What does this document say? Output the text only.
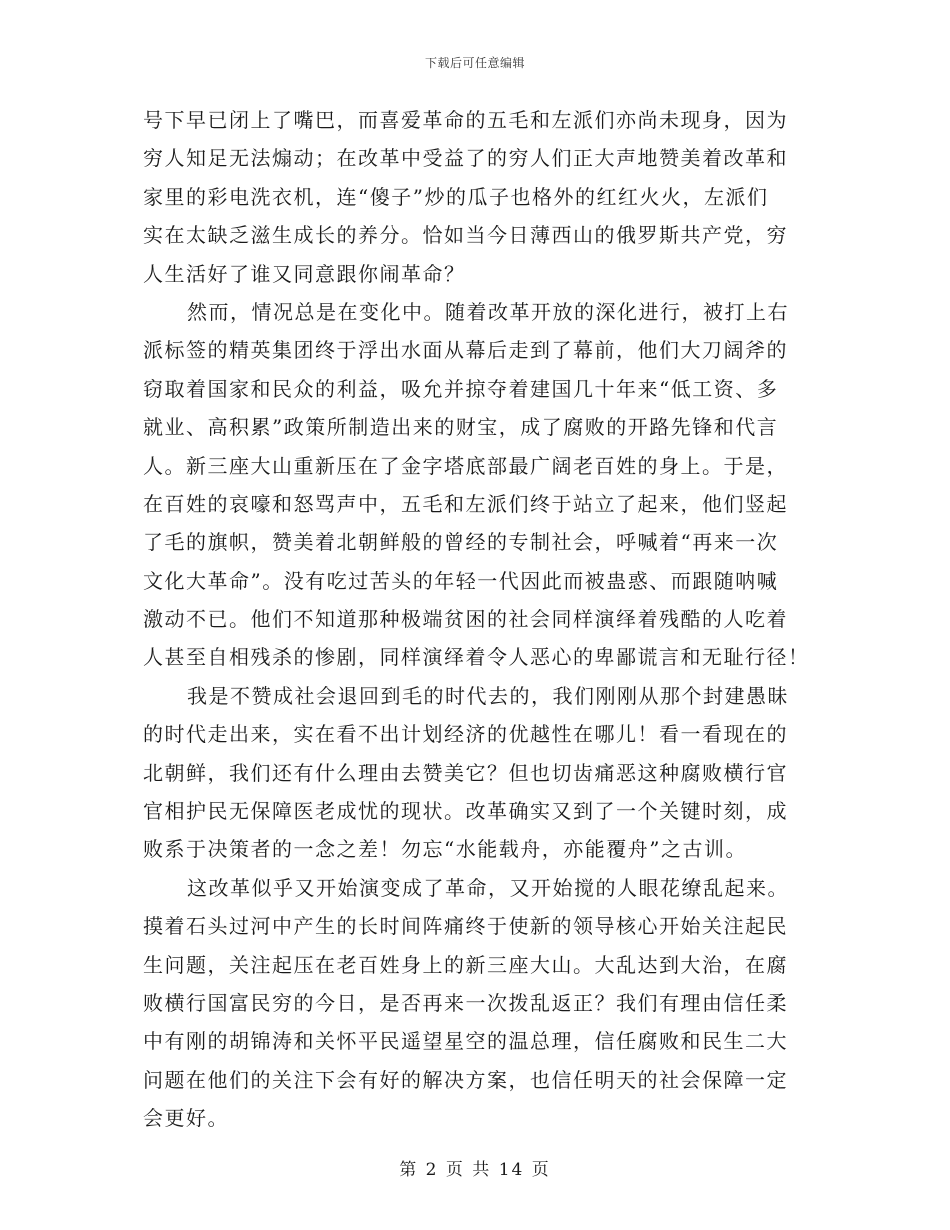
下载后可任意编辑
号下早已闭上了嘴巴，而喜爱革命的五毛和左派们亦尚未现身，因为
穷人知足无法煽动；在改革中受益了的穷人们正大声地赞美着改革和
家里的彩电洗衣机，连“傻子”炒的瓜子也格外的红红火火，左派们
实在太缺乏滋生成长的养分。恰如当今日薄西山的俄罗斯共产党，穷
人生活好了谁又同意跟你闹革命？
然而，情况总是在变化中。随着改革开放的深化进行，被打上右
派标签的精英集团终于浮出水面从幕后走到了幕前，他们大刀阔斧的
窃取着国家和民众的利益，吸允并掠夺着建国几十年来“低工资、多
就业、高积累”政策所制造出来的财宝，成了腐败的开路先锋和代言
人。新三座大山重新压在了金字塔底部最广阔老百姓的身上。于是，
在百姓的哀嚎和怒骂声中，五毛和左派们终于站立了起来，他们竖起
了毛的旗帜，赞美着北朝鲜般的曾经的专制社会，呼喊着“再来一次
文化大革命”。没有吃过苦头的年轻一代因此而被蛊惑、而跟随呐喊
激动不已。他们不知道那种极端贫困的社会同样演绎着残酷的人吃着
人甚至自相残杀的惨剧，同样演绎着令人恶心的卑鄙谎言和无耻行径！
我是不赞成社会退回到毛的时代去的，我们刚刚从那个封建愚昧
的时代走出来，实在看不出计划经济的优越性在哪儿！看一看现在的
北朝鲜，我们还有什么理由去赞美它？但也切齿痛恶这种腐败横行官
官相护民无保障医老成忧的现状。改革确实又到了一个关键时刻，成
败系于决策者的一念之差！勿忘“水能载舟，亦能覆舟”之古训。
这改革似乎又开始演变成了革命，又开始搅的人眼花缭乱起来。
摸着石头过河中产生的长时间阵痛终于使新的领导核心开始关注起民
生问题，关注起压在老百姓身上的新三座大山。大乱达到大治，在腐
败横行国富民穷的今日，是否再来一次拨乱返正？我们有理由信任柔
中有刚的胡锦涛和关怀平民遥望星空的温总理，信任腐败和民生二大
问题在他们的关注下会有好的解决方案，也信任明天的社会保障一定
会更好。
第 2 页 共 14 页
